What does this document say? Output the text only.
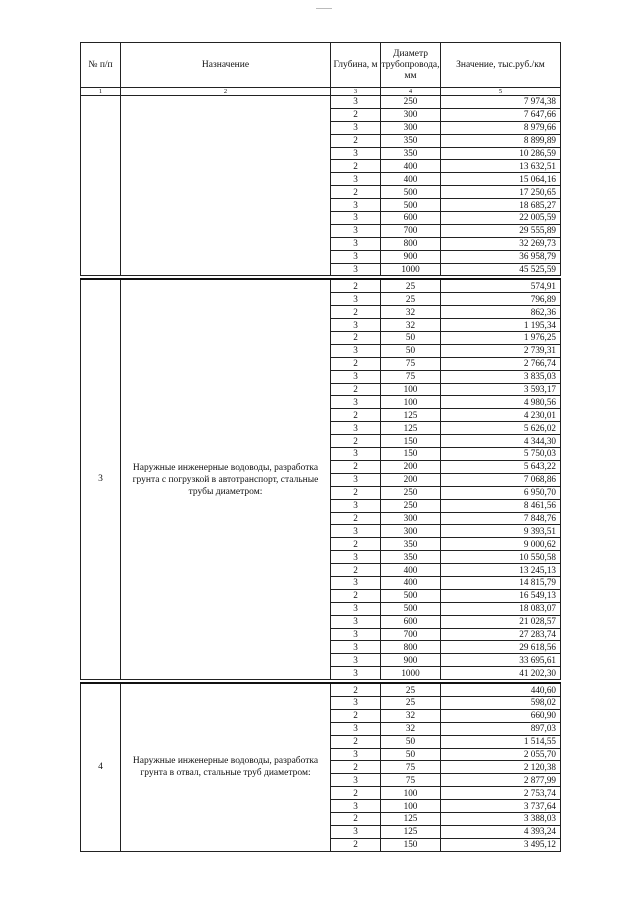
№ п/п	Назначение	Глубина, м	Диаметр трубопровода, мм	Значение, тыс.руб./км
1	2	3	4	5
		3	250	7 974,38
		2	300	7 647,66
		3	300	8 979,66
		2	350	8 899,89
		3	350	10 286,59
		2	400	13 632,51
		3	400	15 064,16
		2	500	17 250,65
		3	500	18 685,27
		3	600	22 005,59
		3	700	29 555,89
		3	800	32 269,73
		3	900	36 958,79
		3	1000	45 525,59

3	Наружные инженерные водоводы, разработка грунта с погрузкой в автотранспорт, стальные трубы диаметром:	2	25	574,91
		3	25	796,89
		2	32	862,36
		3	32	1 195,34
		2	50	1 976,25
		3	50	2 739,31
		2	75	2 766,74
		3	75	3 835,03
		2	100	3 593,17
		3	100	4 980,56
		2	125	4 230,01
		3	125	5 626,02
		2	150	4 344,30
		3	150	5 750,03
		2	200	5 643,22
		3	200	7 068,86
		2	250	6 950,70
		3	250	8 461,56
		2	300	7 848,76
		3	300	9 393,51
		2	350	9 000,62
		3	350	10 550,58
		2	400	13 245,13
		3	400	14 815,79
		2	500	16 549,13
		3	500	18 083,07
		3	600	21 028,57
		3	700	27 283,74
		3	800	29 618,56
		3	900	33 695,61
		3	1000	41 202,30

4	Наружные инженерные водоводы, разработка грунта в отвал, стальные труб диаметром:	2	25	440,60
		3	25	598,02
		2	32	660,90
		3	32	897,03
		2	50	1 514,55
		3	50	2 055,70
		2	75	2 120,38
		3	75	2 877,99
		2	100	2 753,74
		3	100	3 737,64
		2	125	3 388,03
		3	125	4 393,24
		2	150	3 495,12
